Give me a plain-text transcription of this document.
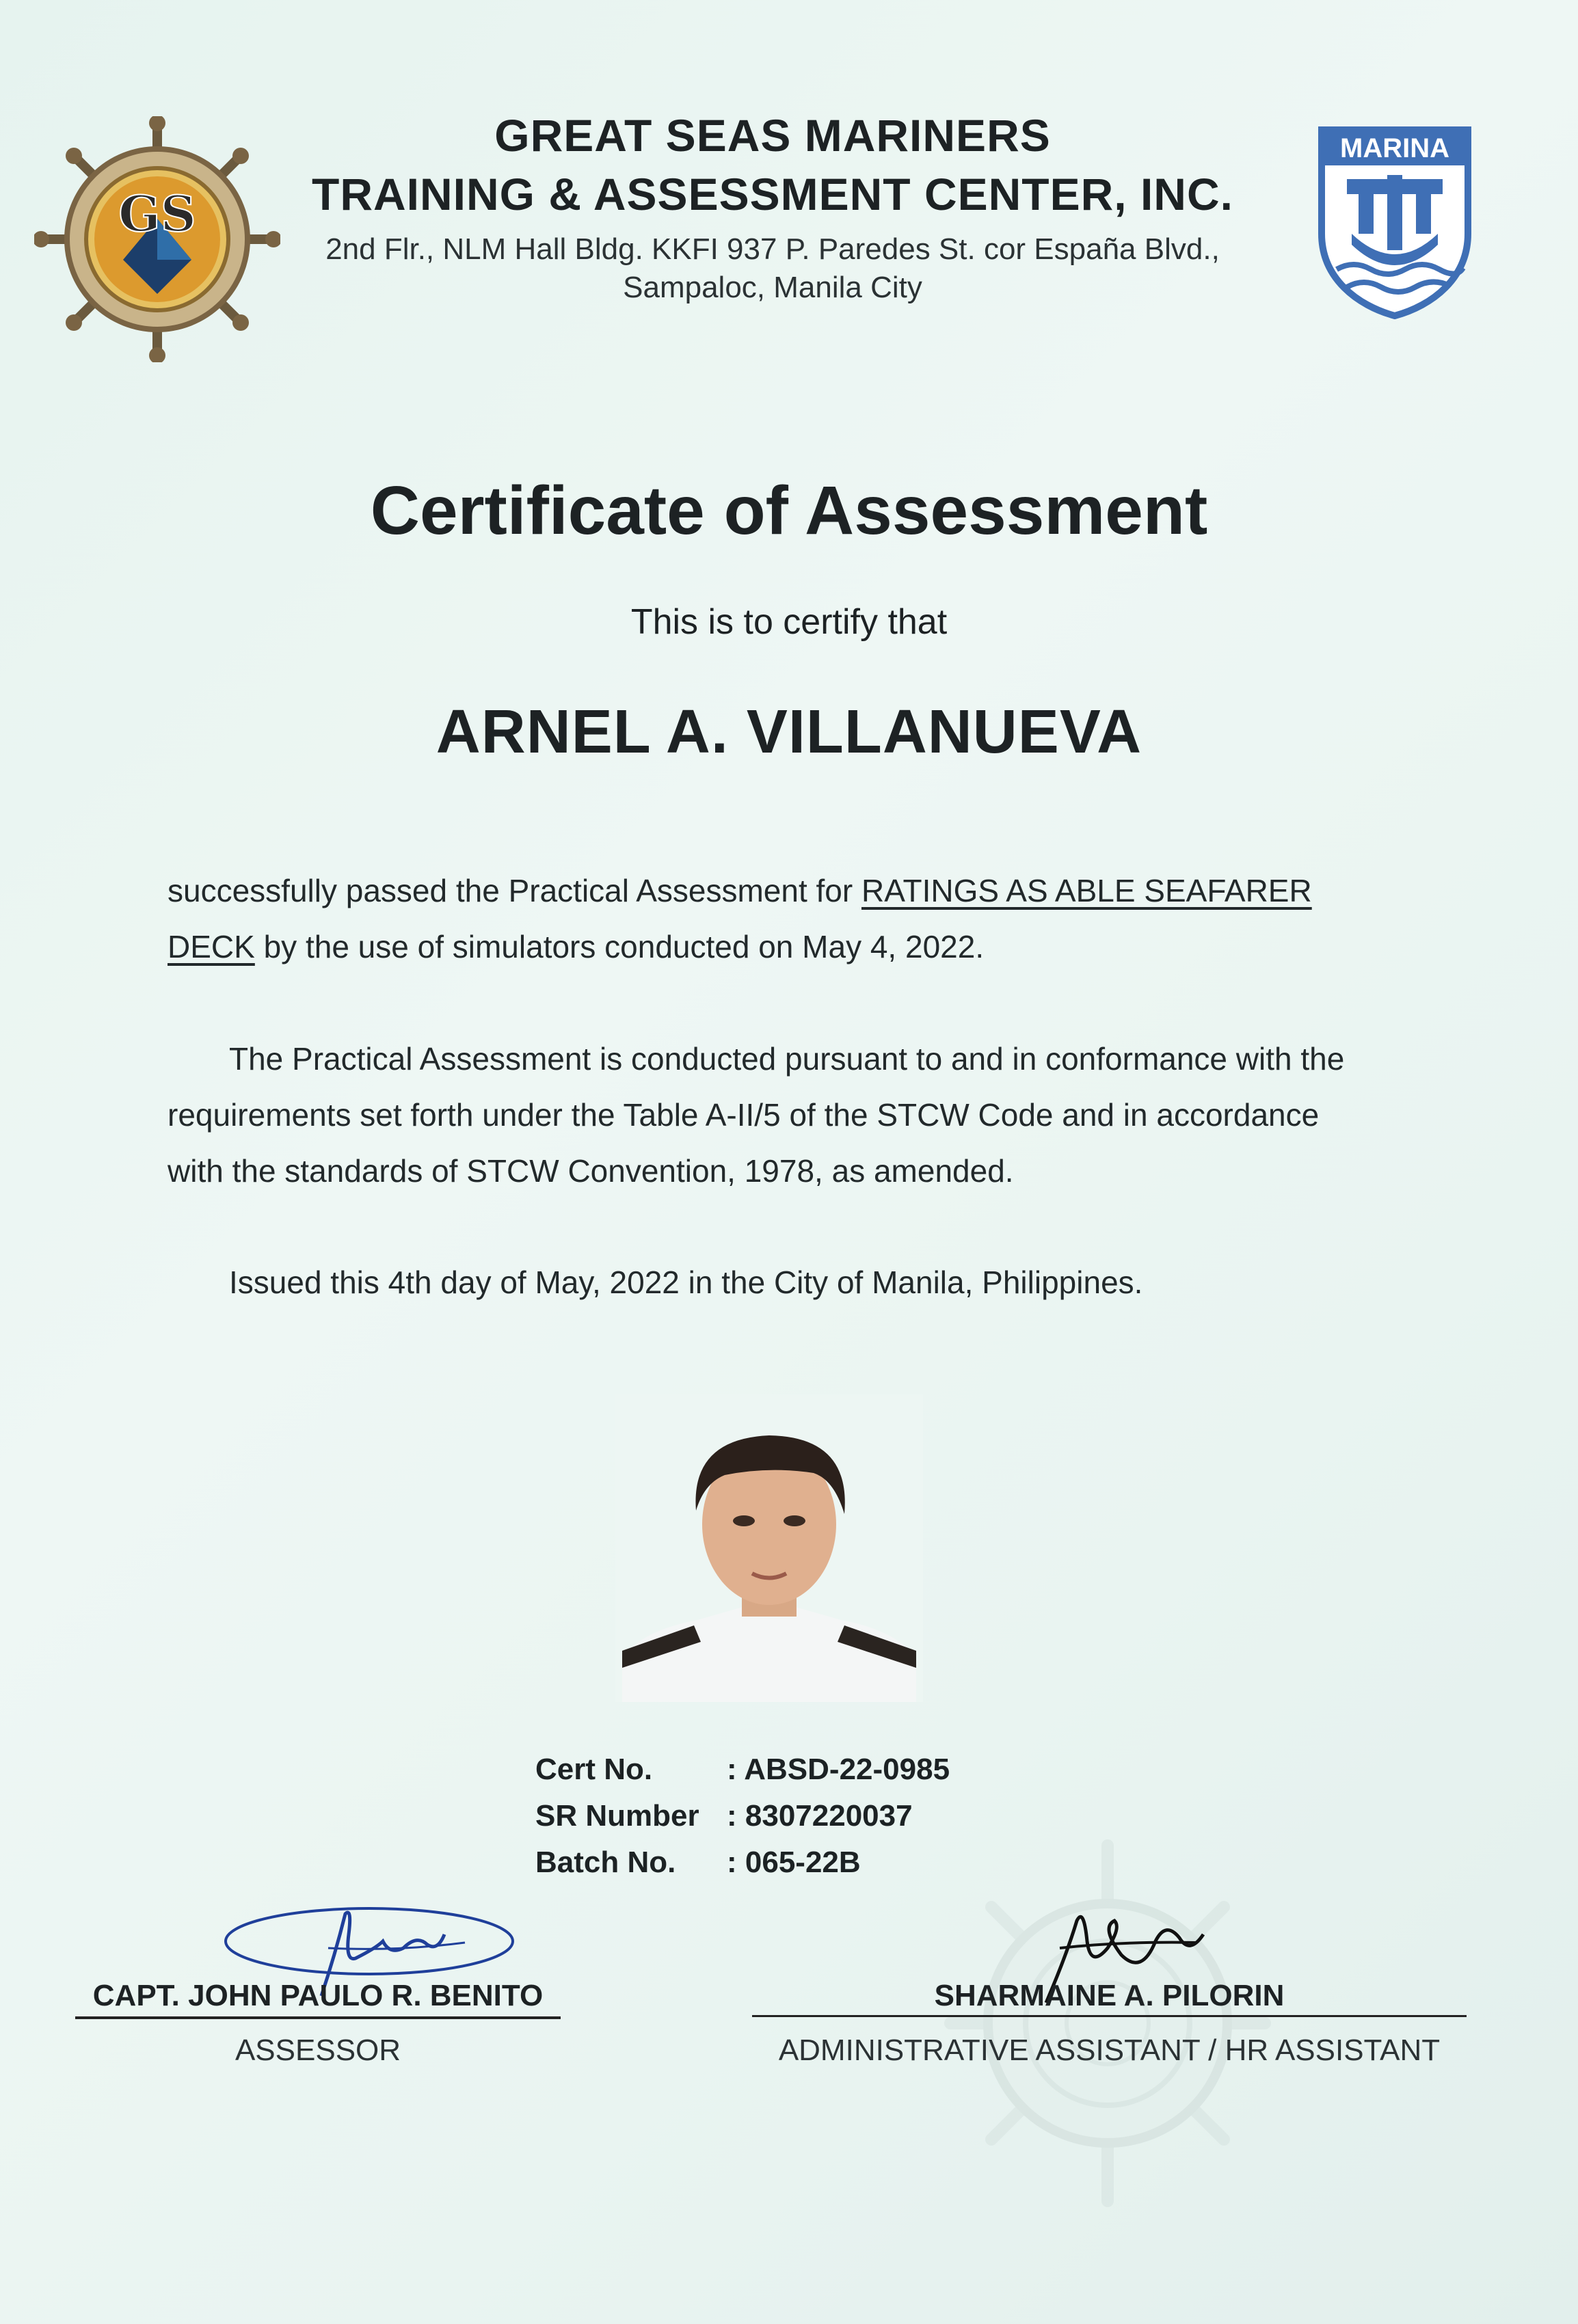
GS
GREAT SEAS MARINERS
TRAINING & ASSESSMENT CENTER, INC.
2nd Flr., NLM Hall Bldg. KKFI 937 P. Paredes St. cor España Blvd.,
Sampaloc, Manila City
MARINA
Certificate of Assessment
This is to certify that
ARNEL A. VILLANUEVA
successfully passed the Practical Assessment for RATINGS AS ABLE SEAFARER DECK by the use of simulators conducted on May 4, 2022.
The Practical Assessment is conducted pursuant to and in conformance with the requirements set forth under the Table A-II/5 of the STCW Code and in accordance with the standards of STCW Convention, 1978, as amended.
Issued this 4th day of May, 2022 in the City of Manila, Philippines.
Cert No. : ABSD-22-0985
SR Number : 8307220037
Batch No. : 065-22B
CAPT. JOHN PAULO R. BENITO
ASSESSOR
SHARMAINE A. PILORIN
ADMINISTRATIVE ASSISTANT / HR ASSISTANT
